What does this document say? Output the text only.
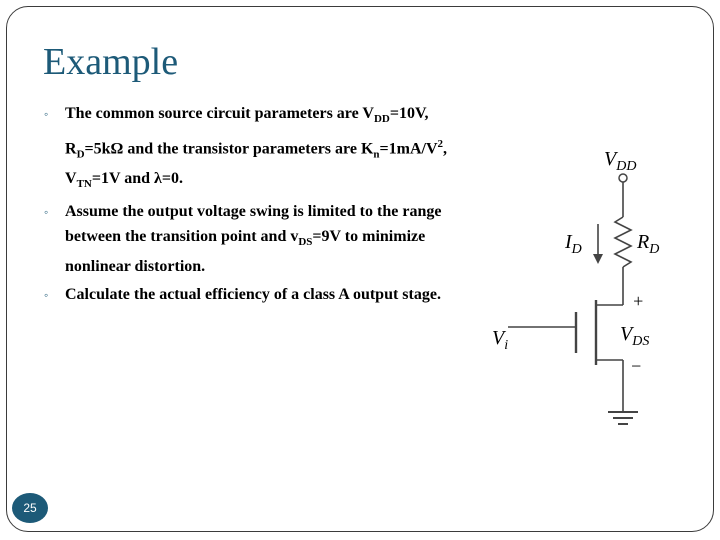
Example
◦ The common source circuit parameters are $V_{DD}=10V$, $R_D=5k\Omega$ and the transistor parameters are $K_n=1mA/V^2$, $V_{TN}=1V$ and λ=0.
◦ Assume the output voltage swing is limited to the range between the transition point and $v_{DS}=9V$ to minimize nonlinear distortion.
◦ Calculate the actual efficiency of a class A output stage.
$V_{DD}$
$I_D$	$R_D$
+
$V_i$
$V_{DS}$
−
25
